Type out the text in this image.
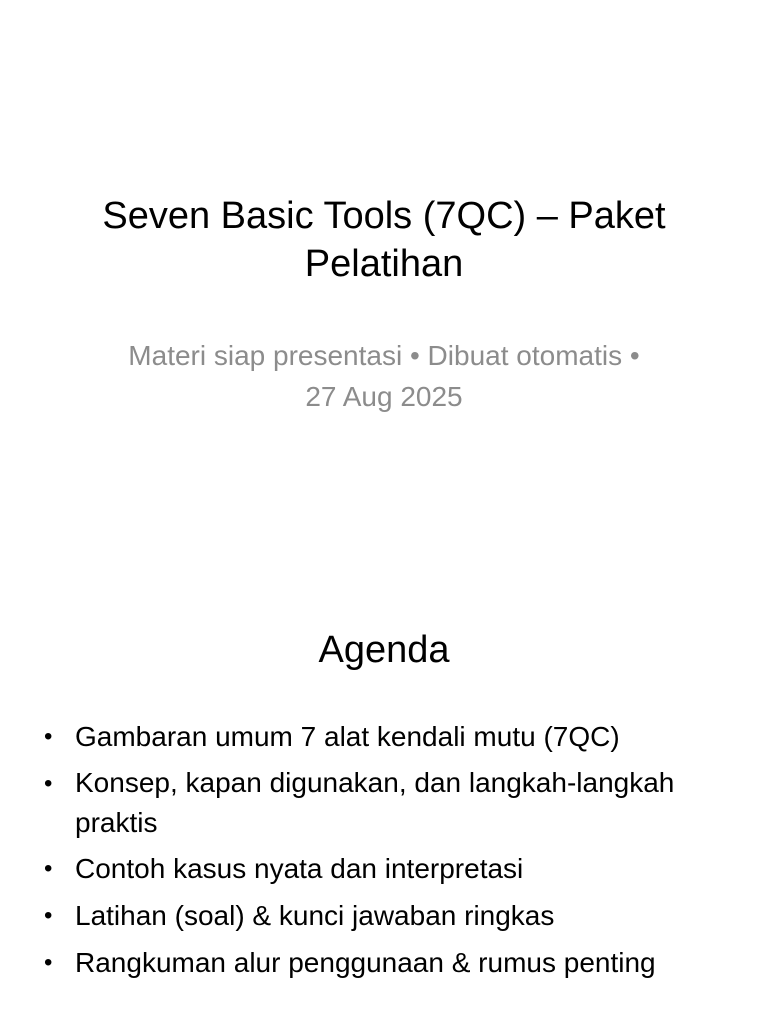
Seven Basic Tools (7QC) – Paket Pelatihan
Materi siap presentasi • Dibuat otomatis • 27 Aug 2025
Agenda
• Gambaran umum 7 alat kendali mutu (7QC)
• Konsep, kapan digunakan, dan langkah-langkah praktis
• Contoh kasus nyata dan interpretasi
• Latihan (soal) & kunci jawaban ringkas
• Rangkuman alur penggunaan & rumus penting
